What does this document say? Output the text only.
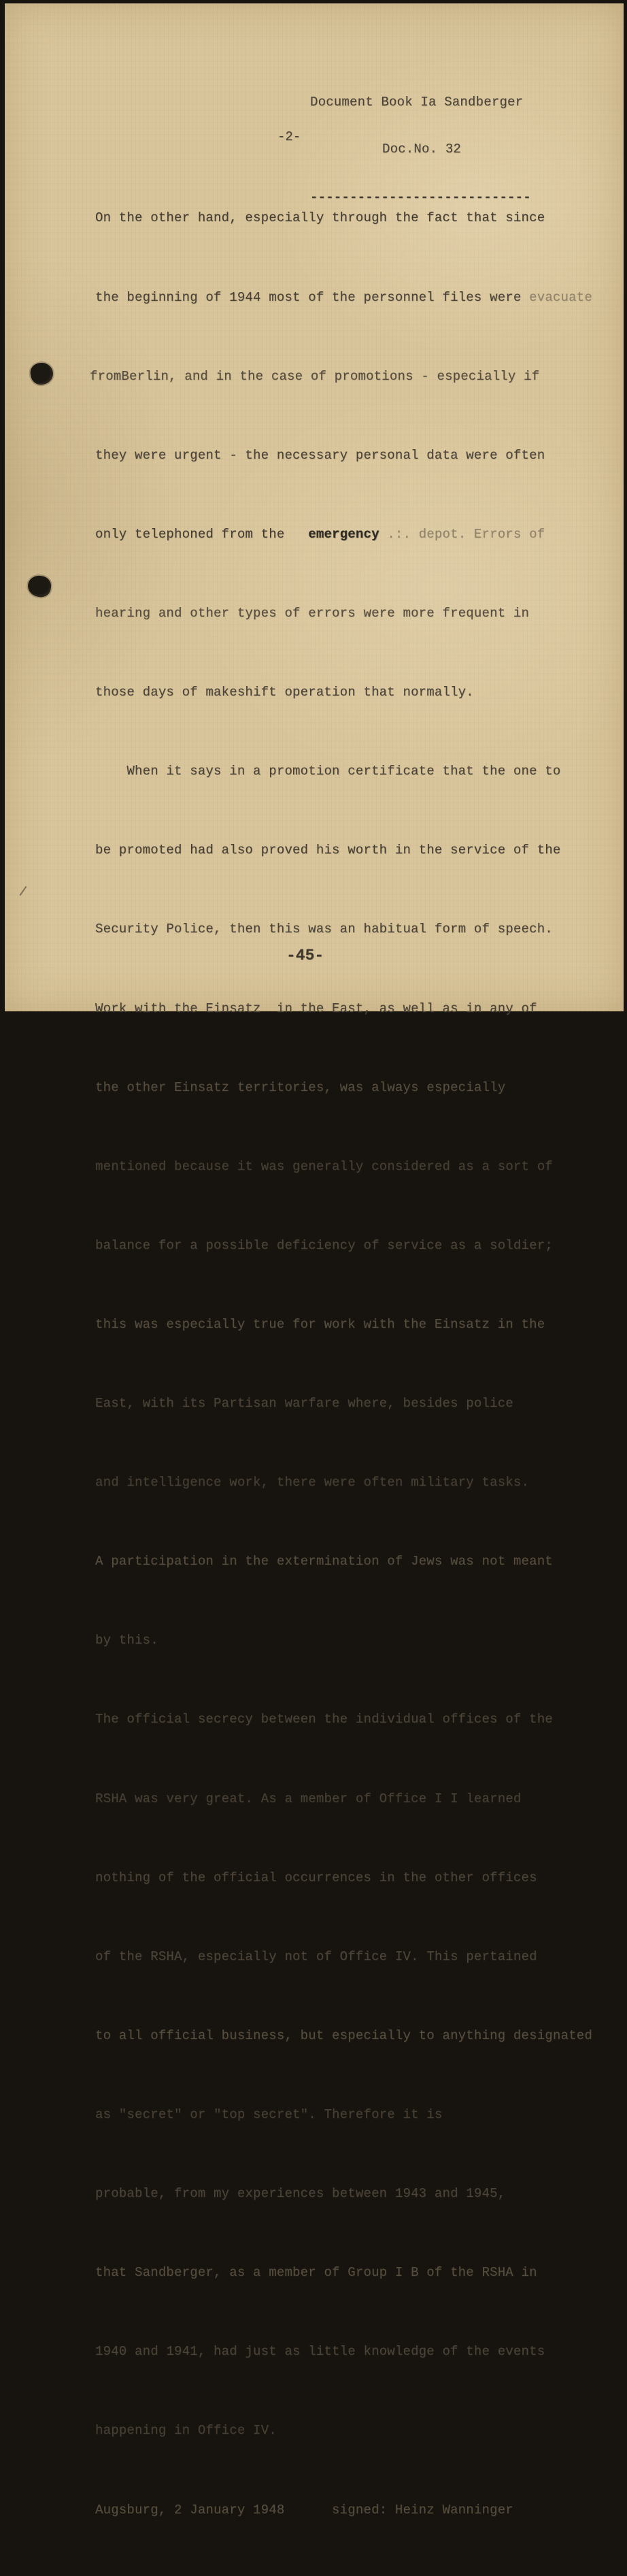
Document Book Ia Sandberger

Doc.No. 32

----------------------------

-2-

On the other hand, especially through the fact that since

the beginning of 1944 most of the personnel files were evacuate

fromBerlin, and in the case of promotions - especially if

they were urgent - the necessary personal data were often

only telephoned from the   emergency .:. depot. Errors of

hearing and other types of errors were more frequent in

those days of makeshift operation that normally.

When it says in a promotion certificate that the one to

be promoted had also proved his worth in the service of the

Security Police, then this was an habitual form of speech.

Work with the Einsatz  in the East, as well as in any of

the other Einsatz territories, was always especially

mentioned because it was generally considered as a sort of

balance for a possible deficiency of service as a soldier;

this was especially true for work with the Einsatz in the

East, with its Partisan warfare where, besides police

and intelligence work, there were often military tasks.

A participation in the extermination of Jews was not meant

by this.

The official secrecy between the individual offices of the

RSHA was very great. As a member of Office I I learned

nothing of the official occurrences in the other offices

of the RSHA, especially not of Office IV. This pertained

to all official business, but especially to anything designated

as "secret" or "top secret". Therefore it is

probable, from my experiences between 1943 and 1945,

that Sandberger, as a member of Group I B of the RSHA in

1940 and 1941, had just as little knowledge of the events

happening in Office IV.

Augsburg, 2 January 1948      signed: Heinz Wanninger

-45-
